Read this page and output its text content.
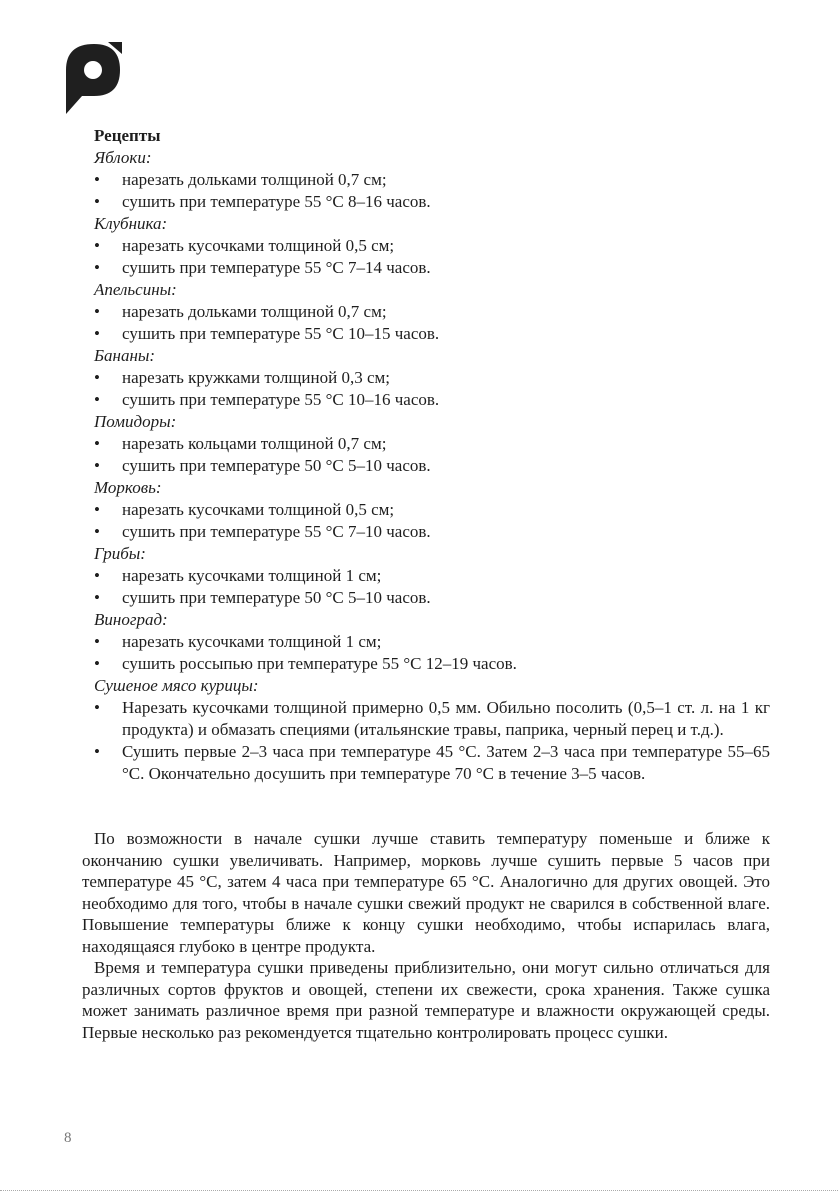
Рецепты

Яблоки:
• нарезать дольками толщиной 0,7 см;
• сушить при температуре 55 °С 8–16 часов.
Клубника:
• нарезать кусочками толщиной 0,5 см;
• сушить при температуре 55 °С 7–14 часов.
Апельсины:
• нарезать дольками толщиной 0,7 см;
• сушить при температуре 55 °С 10–15 часов.
Бананы:
• нарезать кружками толщиной 0,3 см;
• сушить при температуре 55 °С 10–16 часов.
Помидоры:
• нарезать кольцами толщиной 0,7 см;
• сушить при температуре 50 °С 5–10 часов.
Морковь:
• нарезать кусочками толщиной 0,5 см;
• сушить при температуре 55 °С 7–10 часов.
Грибы:
• нарезать кусочками толщиной 1 см;
• сушить при температуре 50 °С 5–10 часов.
Виноград:
• нарезать кусочками толщиной 1 см;
• сушить россыпью при температуре 55 °С 12–19 часов.
Сушеное мясо курицы:
• Нарезать кусочками толщиной примерно 0,5 мм. Обильно посолить (0,5–1 ст. л. на 1 кг продукта) и обмазать специями (итальянские травы, паприка, черный перец и т.д.).
• Сушить первые 2–3 часа при температуре 45 °С. Затем 2–3 часа при температуре 55–65 °С. Окончательно досушить при температуре 70 °С в течение 3–5 часов.

По возможности в начале сушки лучше ставить температуру поменьше и ближе к окончанию сушки увеличивать. Например, морковь лучше сушить первые 5 часов при температуре 45 °С, затем 4 часа при температуре 65 °С. Аналогично для других овощей. Это необходимо для того, чтобы в начале сушки свежий продукт не сварился в собственной влаге. Повышение температуры ближе к концу сушки необходимо, чтобы испарилась влага, находящаяся глубоко в центре продукта.

Время и температура сушки приведены приблизительно, они могут сильно отличаться для различных сортов фруктов и овощей, степени их свежести, срока хранения. Также сушка может занимать различное время при разной температуре и влажности окружающей среды. Первые несколько раз рекомендуется тщательно контролировать процесс сушки.

8
